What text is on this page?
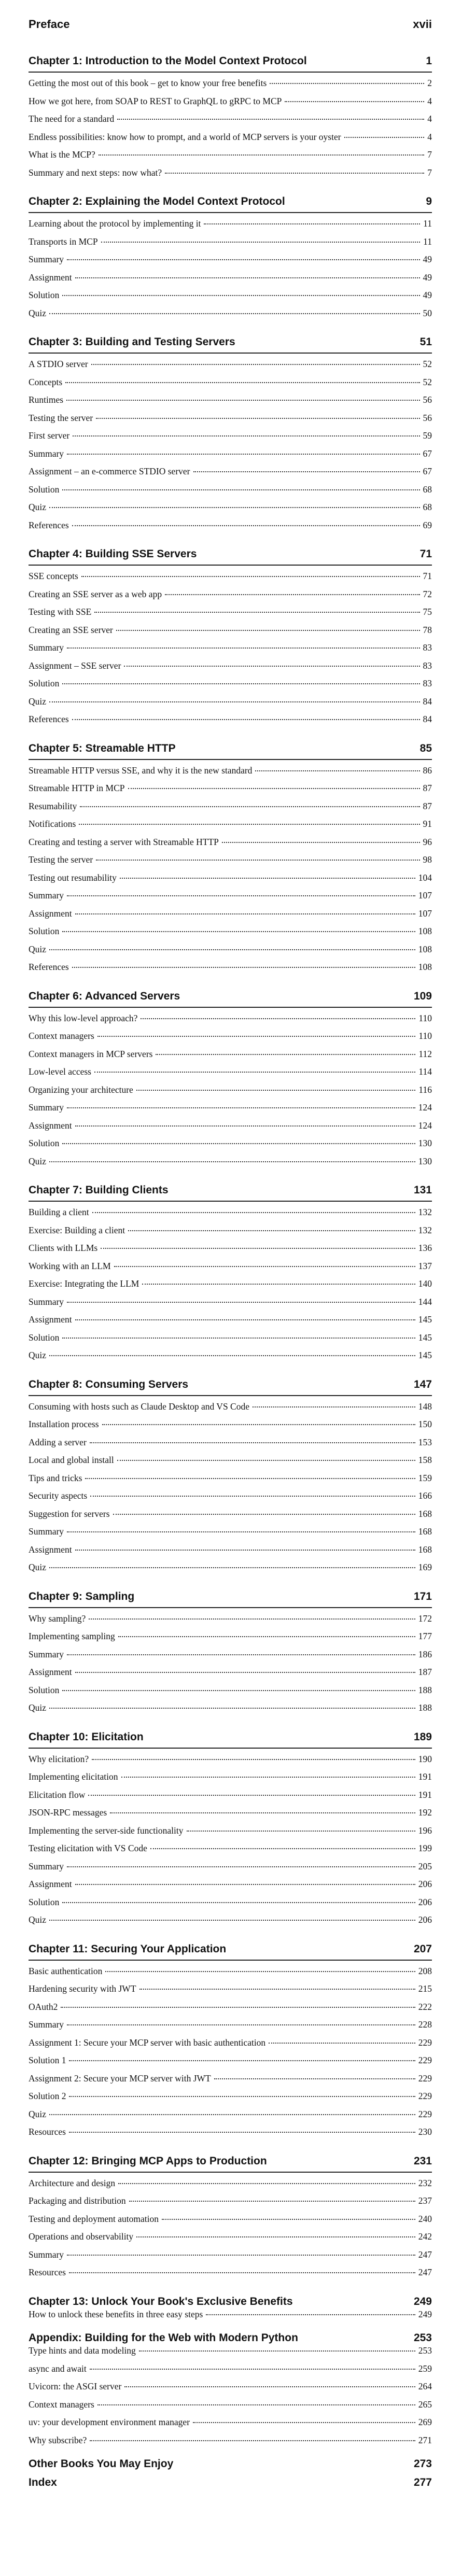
Preface	xvii
Chapter 1: Introduction to the Model Context Protocol	1
Getting the most out of this book – get to know your free benefits	2
How we got here, from SOAP to REST to GraphQL to gRPC to MCP	4
The need for a standard	4
Endless possibilities: know how to prompt, and a world of MCP servers is your oyster	4
What is the MCP?	7
Summary and next steps: now what?	7
Chapter 2: Explaining the Model Context Protocol	9
Learning about the protocol by implementing it	11
Transports in MCP	11
Summary	49
Assignment	49
Solution	49
Quiz	50
Chapter 3: Building and Testing Servers	51
A STDIO server	52
Concepts	52
Runtimes	56
Testing the server	56
First server	59
Summary	67
Assignment – an e-commerce STDIO server	67
Solution	68
Quiz	68
References	69
Chapter 4: Building SSE Servers	71
SSE concepts	71
Creating an SSE server as a web app	72
Testing with SSE	75
Creating an SSE server	78
Summary	83
Assignment – SSE server	83
Solution	83
Quiz	84
References	84
Chapter 5: Streamable HTTP	85
Streamable HTTP versus SSE, and why it is the new standard	86
Streamable HTTP in MCP	87
Resumability	87
Notifications	91
Creating and testing a server with Streamable HTTP	96
Testing the server	98
Testing out resumability	104
Summary	107
Assignment	107
Solution	108
Quiz	108
References	108
Chapter 6: Advanced Servers	109
Why this low-level approach?	110
Context managers	110
Context managers in MCP servers	112
Low-level access	114
Organizing your architecture	116
Summary	124
Assignment	124
Solution	130
Quiz	130
Chapter 7: Building Clients	131
Building a client	132
Exercise: Building a client	132
Clients with LLMs	136
Working with an LLM	137
Exercise: Integrating the LLM	140
Summary	144
Assignment	145
Solution	145
Quiz	145
Chapter 8: Consuming Servers	147
Consuming with hosts such as Claude Desktop and VS Code	148
Installation process	150
Adding a server	153
Local and global install	158
Tips and tricks	159
Security aspects	166
Suggestion for servers	168
Summary	168
Assignment	168
Quiz	169
Chapter 9: Sampling	171
Why sampling?	172
Implementing sampling	177
Summary	186
Assignment	187
Solution	188
Quiz	188
Chapter 10: Elicitation	189
Why elicitation?	190
Implementing elicitation	191
Elicitation flow	191
JSON-RPC messages	192
Implementing the server-side functionality	196
Testing elicitation with VS Code	199
Summary	205
Assignment	206
Solution	206
Quiz	206
Chapter 11: Securing Your Application	207
Basic authentication	208
Hardening security with JWT	215
OAuth2	222
Summary	228
Assignment 1: Secure your MCP server with basic authentication	229
Solution 1	229
Assignment 2: Secure your MCP server with JWT	229
Solution 2	229
Quiz	229
Resources	230
Chapter 12: Bringing MCP Apps to Production	231
Architecture and design	232
Packaging and distribution	237
Testing and deployment automation	240
Operations and observability	242
Summary	247
Resources	247
Chapter 13: Unlock Your Book's Exclusive Benefits	249
How to unlock these benefits in three easy steps	249
Appendix: Building for the Web with Modern Python	253
Type hints and data modeling	253
async and await	259
Uvicorn: the ASGI server	264
Context managers	265
uv: your development environment manager	269
Why subscribe?	271
Other Books You May Enjoy	273
Index	277
